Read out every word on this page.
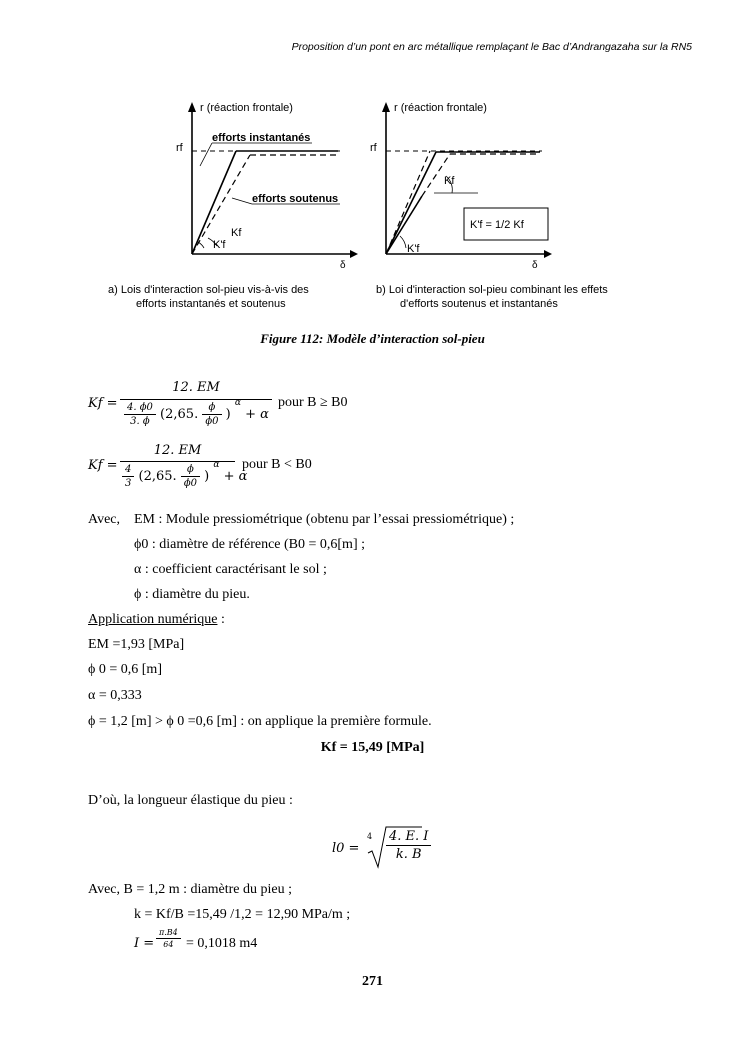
Proposition d’un pont en arc métallique remplaçant le Bac d’Andrangazaha sur la RN5
r (réaction frontale)
rf
efforts instantanés
efforts soutenus
Kf
K'f
δ
a) Lois d'interaction sol-pieu vis-à-vis des
efforts instantanés et soutenus
r (réaction frontale)
rf
Kf
K'f
K'f = 1/2 Kf
δ
b) Loi d'interaction sol-pieu combinant les effets
d'efforts soutenus et instantanés
Figure 112: Modèle d’interaction sol-pieu
Kf =
12. EM
$\frac{4. \phi 0}{3. \phi} (2,65$. $\frac{\phi}{\phi 0}$ ) $^\alpha$ + α
pour B ≥ B0
Kf =
12. EM
$\frac{4}{3} (2,65$. $\frac{\phi}{\phi 0}$ ) $^\alpha$ + α
pour B < B0
Avec, EM : Module pressiométrique (obtenu par l’essai pressiométrique) ;
ϕ0 : diamètre de référence (B0 = 0,6[m] ;
α : coefficient caractérisant le sol ;
ϕ : diamètre du pieu.
Application numérique :
EM =1,93 [MPa]
ϕ 0 = 0,6 [m]
α = 0,333
ϕ = 1,2 [m] > ϕ 0 =0,6 [m] : on applique la première formule.
Kf = 15,49 [MPa]
D’où, la longueur élastique du pieu :
l0 =
$4 \frac{4. E. I}{k. B}$
Avec, B = 1,2 m : diamètre du pieu ;
k = Kf/B =15,49 /1,2 = 12,90 MPa/m ;
$I = \frac{\pi.B4}{64} = 0,1018$ m4
271
